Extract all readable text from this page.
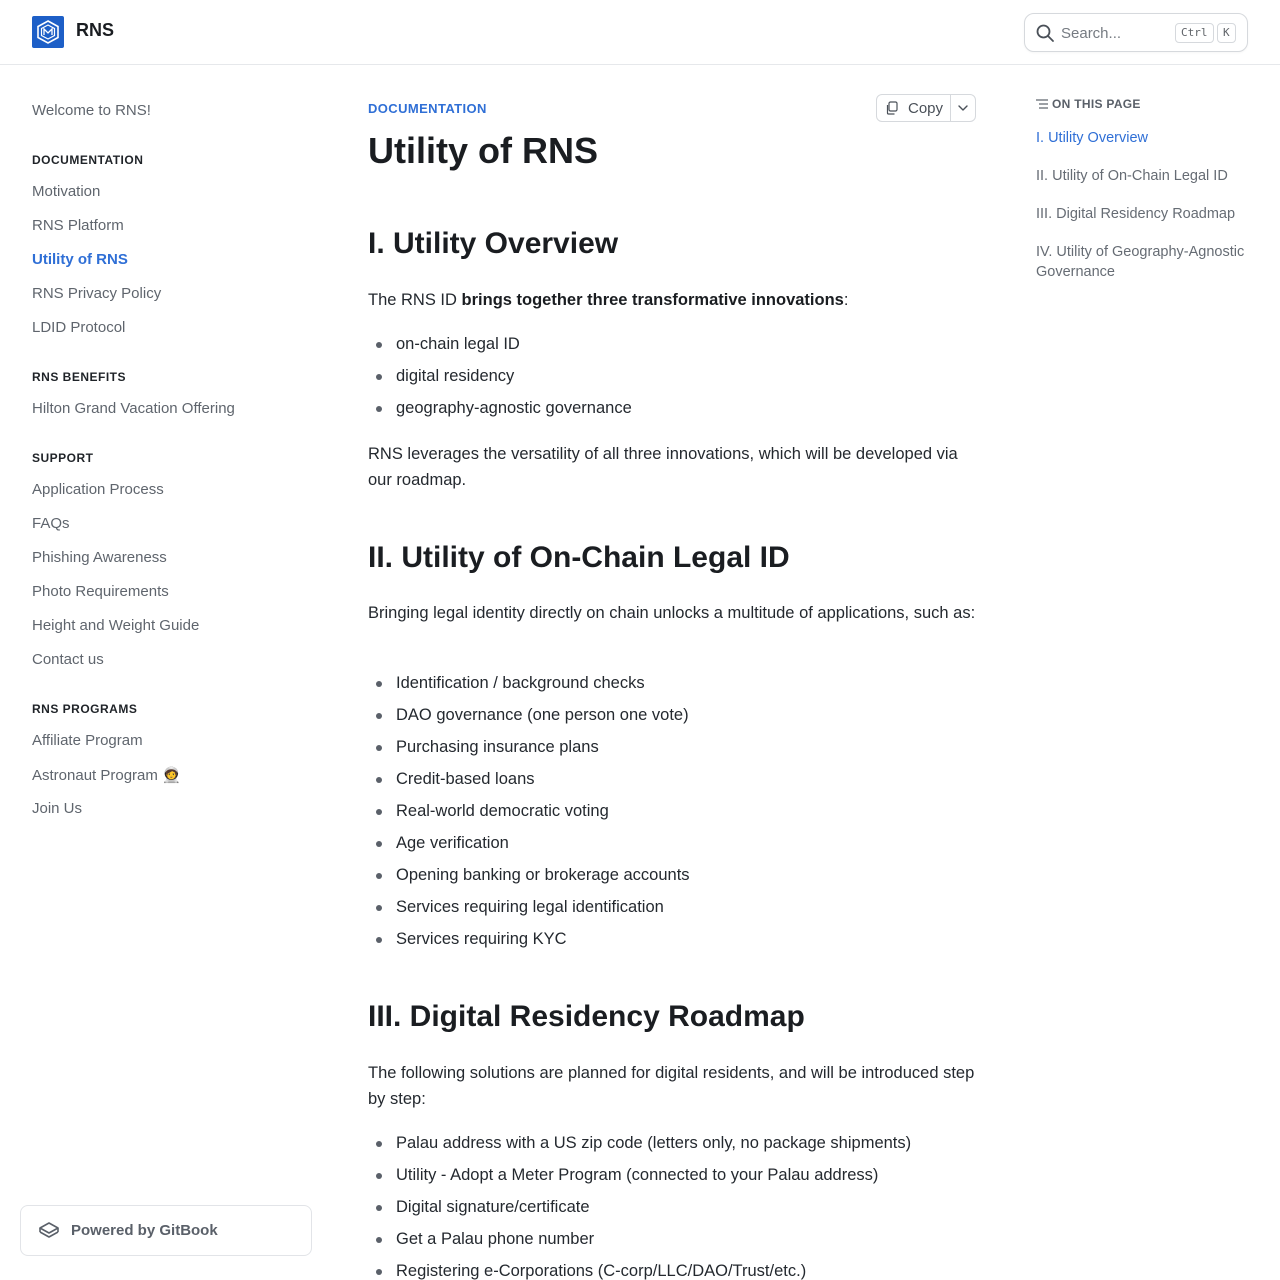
RNS	Search...	Ctrl	K
Welcome to RNS!
DOCUMENTATION
Motivation
RNS Platform
Utility of RNS
RNS Privacy Policy
LDID Protocol
RNS BENEFITS
Hilton Grand Vacation Offering
SUPPORT
Application Process
FAQs
Phishing Awareness
Photo Requirements
Height and Weight Guide
Contact us
RNS PROGRAMS
Affiliate Program
Astronaut Program 🧑‍🚀
Join Us
Powered by GitBook
DOCUMENTATION	Copy
Utility of RNS
I. Utility Overview
The RNS ID brings together three transformative innovations:
on-chain legal ID
digital residency
geography-agnostic governance
RNS leverages the versatility of all three innovations, which will be developed via our roadmap.
II. Utility of On-Chain Legal ID
Bringing legal identity directly on chain unlocks a multitude of applications, such as:
Identification / background checks
DAO governance (one person one vote)
Purchasing insurance plans
Credit-based loans
Real-world democratic voting
Age verification
Opening banking or brokerage accounts
Services requiring legal identification
Services requiring KYC
III. Digital Residency Roadmap
The following solutions are planned for digital residents, and will be introduced step by step:
Palau address with a US zip code (letters only, no package shipments)
Utility - Adopt a Meter Program (connected to your Palau address)
Digital signature/certificate
Get a Palau phone number
Registering e-Corporations (C-corp/LLC/DAO/Trust/etc.)
ON THIS PAGE
I. Utility Overview
II. Utility of On-Chain Legal ID
III. Digital Residency Roadmap
IV. Utility of Geography-Agnostic Governance
